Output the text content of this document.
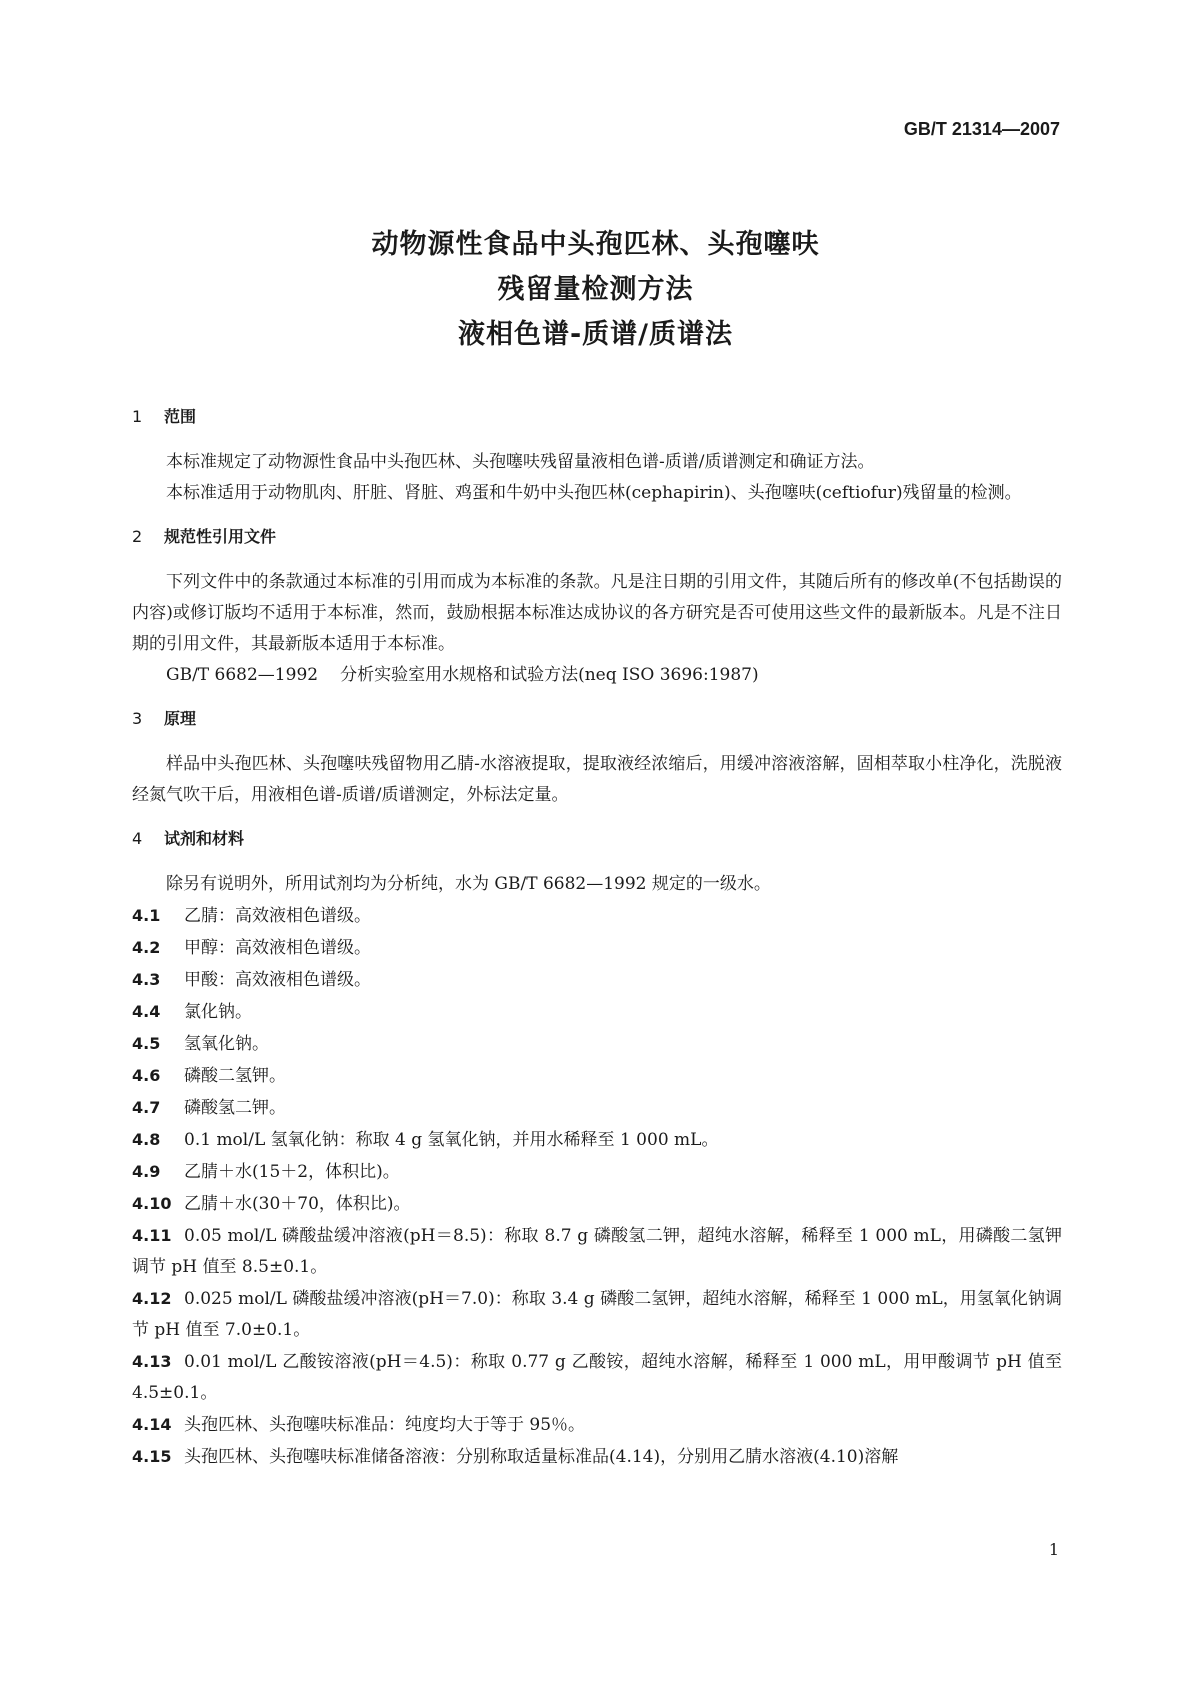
GB/T 21314—2007
动物源性食品中头孢匹林、头孢噻呋
残留量检测方法
液相色谱-质谱/质谱法
1 范围

本标准规定了动物源性食品中头孢匹林、头孢噻呋残留量液相色谱-质谱/质谱测定和确证方法。

本标准适用于动物肌肉、肝脏、肾脏、鸡蛋和牛奶中头孢匹林(cephapirin)、头孢噻呋(ceftiofur)残留量的检测。

2 规范性引用文件

下列文件中的条款通过本标准的引用而成为本标准的条款。凡是注日期的引用文件，其随后所有的修改单(不包括勘误的内容)或修订版均不适用于本标准，然而，鼓励根据本标准达成协议的各方研究是否可使用这些文件的最新版本。凡是不注日期的引用文件，其最新版本适用于本标准。

GB/T 6682—1992 分析实验室用水规格和试验方法(neq ISO 3696:1987)

3 原理

样品中头孢匹林、头孢噻呋残留物用乙腈-水溶液提取，提取液经浓缩后，用缓冲溶液溶解，固相萃取小柱净化，洗脱液经氮气吹干后，用液相色谱-质谱/质谱测定，外标法定量。

4 试剂和材料

除另有说明外，所用试剂均为分析纯，水为 GB/T 6682—1992 规定的一级水。

4.1 乙腈：高效液相色谱级。

4.2 甲醇：高效液相色谱级。

4.3 甲酸：高效液相色谱级。

4.4 氯化钠。

4.5 氢氧化钠。

4.6 磷酸二氢钾。

4.7 磷酸氢二钾。

4.8 0.1 mol/L 氢氧化钠：称取 4 g 氢氧化钠，并用水稀释至 1 000 mL。

4.9 乙腈＋水(15＋2，体积比)。

4.10 乙腈＋水(30＋70，体积比)。

4.11 0.05 mol/L 磷酸盐缓冲溶液(pH＝8.5)：称取 8.7 g 磷酸氢二钾，超纯水溶解，稀释至 1 000 mL，用磷酸二氢钾调节 pH 值至 8.5±0.1。

4.12 0.025 mol/L 磷酸盐缓冲溶液(pH＝7.0)：称取 3.4 g 磷酸二氢钾，超纯水溶解，稀释至 1 000 mL，用氢氧化钠调节 pH 值至 7.0±0.1。

4.13 0.01 mol/L 乙酸铵溶液(pH＝4.5)：称取 0.77 g 乙酸铵，超纯水溶解，稀释至 1 000 mL，用甲酸调节 pH 值至 4.5±0.1。

4.14 头孢匹林、头孢噻呋标准品：纯度均大于等于 95％。

4.15 头孢匹林、头孢噻呋标准储备溶液：分别称取适量标准品(4.14)，分别用乙腈水溶液(4.10)溶解

1
